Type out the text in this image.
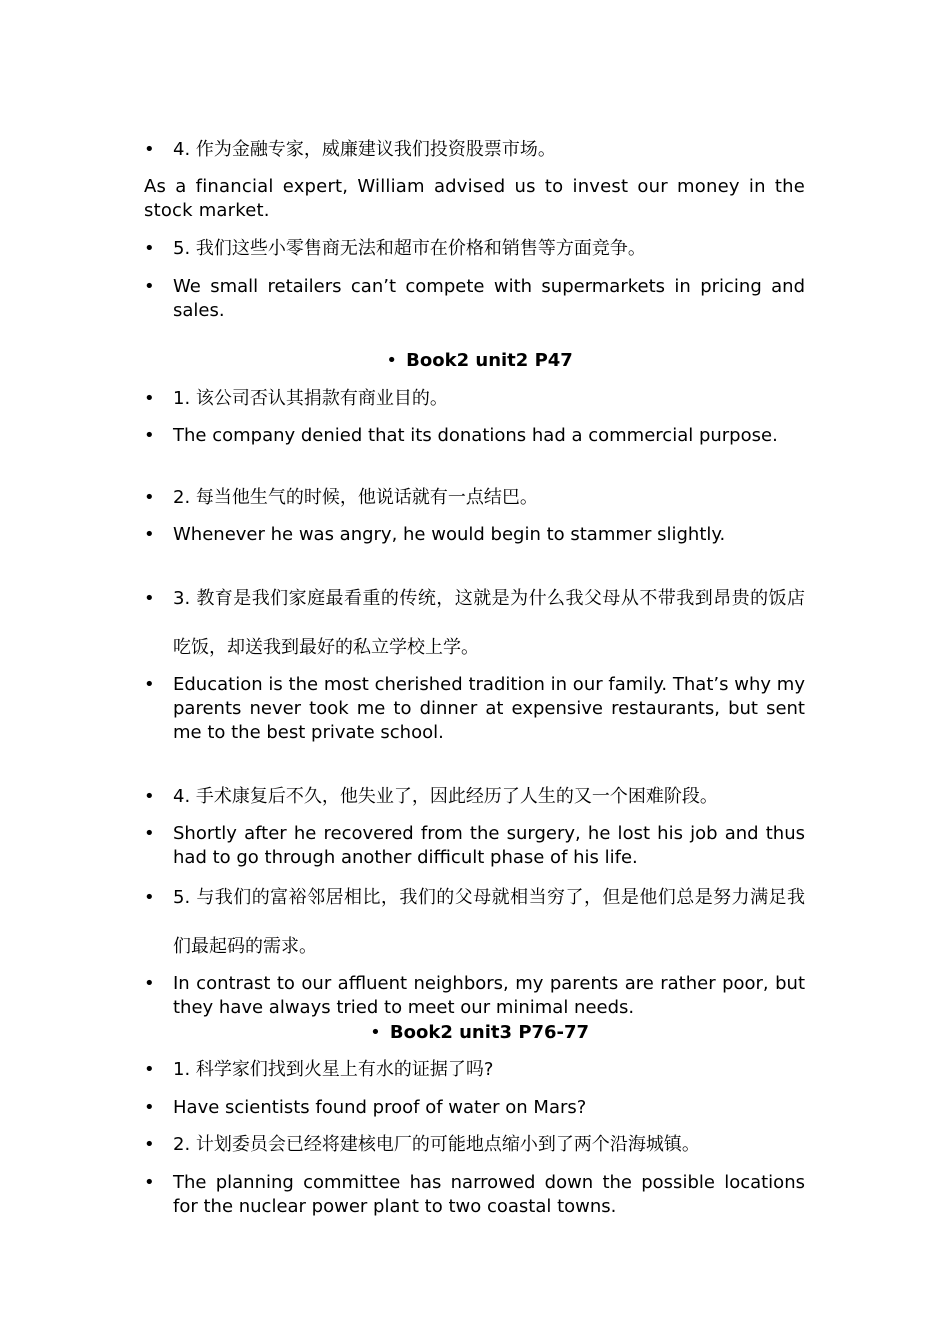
• 4. 作为金融专家，威廉建议我们投资股票市场。
As a financial expert, William advised us to invest our money in the stock market.
• 5. 我们这些小零售商无法和超市在价格和销售等方面竞争。
• We small retailers can’t compete with supermarkets in pricing and sales.
• Book2 unit2 P47
• 1. 该公司否认其捐款有商业目的。
• The company denied that its donations had a commercial purpose.
• 2. 每当他生气的时候，他说话就有一点结巴。
• Whenever he was angry, he would begin to stammer slightly.
• 3. 教育是我们家庭最看重的传统，这就是为什么我父母从不带我到昂贵的饭店吃饭，却送我到最好的私立学校上学。
• Education is the most cherished tradition in our family. That’s why my parents never took me to dinner at expensive restaurants, but sent me to the best private school.
• 4. 手术康复后不久，他失业了，因此经历了人生的又一个困难阶段。
• Shortly after he recovered from the surgery, he lost his job and thus had to go through another difficult phase of his life.
• 5. 与我们的富裕邻居相比，我们的父母就相当穷了，但是他们总是努力满足我们最起码的需求。
• In contrast to our affluent neighbors, my parents are rather poor, but they have always tried to meet our minimal needs.
• Book2 unit3 P76-77
• 1. 科学家们找到火星上有水的证据了吗?
• Have scientists found proof of water on Mars?
• 2. 计划委员会已经将建核电厂的可能地点缩小到了两个沿海城镇。
• The planning committee has narrowed down the possible locations for the nuclear power plant to two coastal towns.
